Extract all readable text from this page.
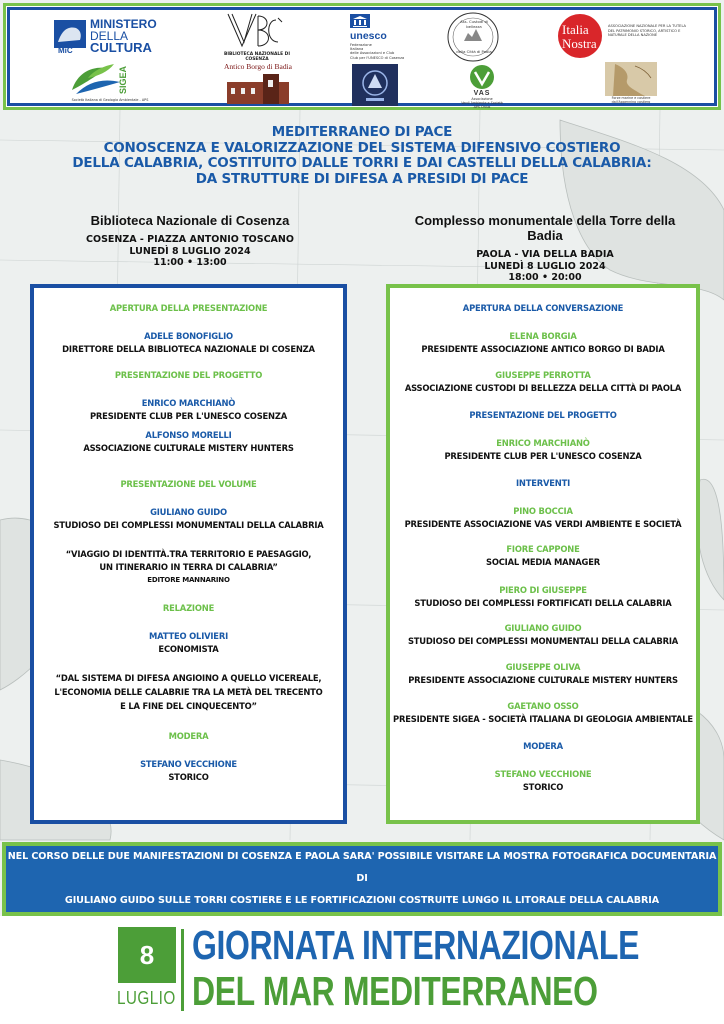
MiC
MINISTERO
DELLA
CULTURA	BIBLIOTECA NAZIONALE DI COSENZA
unesco
Federazione
Italiana
delle Associazioni e Club
Club per l'UNESCO di Cosenza
Ass. Custodi di bellezza
della Città di Paola
Italia
Nostra
ASSOCIAZIONE NAZIONALE PER LA TUTELA
DEL PATRIMONIO STORICO, ARTISTICO E
NATURALE DELLA NAZIONE
SIGEA
Società Italiana di Geologia Ambientale - APS
Antico Borgo di Badia
VAS
Associazione
Verdi Ambiente e Società
APS Onlus
Forze marine e costiere
dall'Appennino costiero

MEDITERRANEO DI PACE

CONOSCENZA E VALORIZZAZIONE DEL SISTEMA DIFENSIVO COSTIERO

DELLA CALABRIA, COSTITUITO DALLE TORRI E DAI CASTELLI DELLA CALABRIA:

DA STRUTTURE DI DIFESA A PRESIDI DI PACE

Biblioteca Nazionale di Cosenza
COSENZA - PIAZZA ANTONIO TOSCANO
LUNEDÌ 8 LUGLIO 2024
11:00 • 13:00
Complesso monumentale della Torre della Badia
PAOLA - VIA DELLA BADIA
LUNEDÌ 8 LUGLIO 2024
18:00 • 20:00
APERTURA DELLA PRESENTAZIONE
ADELE BONOFIGLIO
DIRETTORE DELLA BIBLIOTECA NAZIONALE DI COSENZA
PRESENTAZIONE DEL PROGETTO
ENRICO MARCHIANÒ
PRESIDENTE CLUB PER L'UNESCO COSENZA
ALFONSO MORELLI
ASSOCIAZIONE CULTURALE MISTERY HUNTERS
PRESENTAZIONE DEL VOLUME
GIULIANO GUIDO
STUDIOSO DEI COMPLESSI MONUMENTALI DELLA CALABRIA
“VIAGGIO DI IDENTITÀ.TRA TERRITORIO E PAESAGGIO,
UN ITINERARIO IN TERRA DI CALABRIA”
EDITORE MANNARINO
RELAZIONE
MATTEO OLIVIERI
ECONOMISTA
“DAL SISTEMA DI DIFESA ANGIOINO A QUELLO VICEREALE,
L'ECONOMIA DELLE CALABRIE TRA LA METÀ DEL TRECENTO
E LA FINE DEL CINQUECENTO”
MODERA
STEFANO VECCHIONE
STORICO
APERTURA DELLA CONVERSAZIONE
ELENA BORGIA
PRESIDENTE ASSOCIAZIONE ANTICO BORGO DI BADIA
GIUSEPPE PERROTTA
ASSOCIAZIONE CUSTODI DI BELLEZZA DELLA CITTÀ DI PAOLA
PRESENTAZIONE DEL PROGETTO
ENRICO MARCHIANÒ
PRESIDENTE CLUB PER L'UNESCO COSENZA
INTERVENTI
PINO BOCCIA
PRESIDENTE ASSOCIAZIONE VAS VERDI AMBIENTE E SOCIETÀ
FIORE CAPPONE
SOCIAL MEDIA MANAGER
PIERO DI GIUSEPPE
STUDIOSO DEI COMPLESSI FORTIFICATI DELLA CALABRIA
GIULIANO GUIDO
STUDIOSO DEI COMPLESSI MONUMENTALI DELLA CALABRIA
GIUSEPPE OLIVA
PRESIDENTE ASSOCIAZIONE CULTURALE MISTERY HUNTERS
GAETANO OSSO
PRESIDENTE SIGEA - SOCIETÀ ITALIANA DI GEOLOGIA AMBIENTALE
MODERA
STEFANO VECCHIONE
STORICO

NEL CORSO DELLE DUE MANIFESTAZIONI DI COSENZA E PAOLA SARA' POSSIBILE VISITARE LA MOSTRA FOTOGRAFICA DOCUMENTARIA DI

GIULIANO GUIDO SULLE TORRI COSTIERE E LE FORTIFICAZIONI COSTRUITE LUNGO IL LITORALE DELLA CALABRIA

8
LUGLIO
GIORNATA INTERNAZIONALE
DEL MAR MEDITERRANEO
